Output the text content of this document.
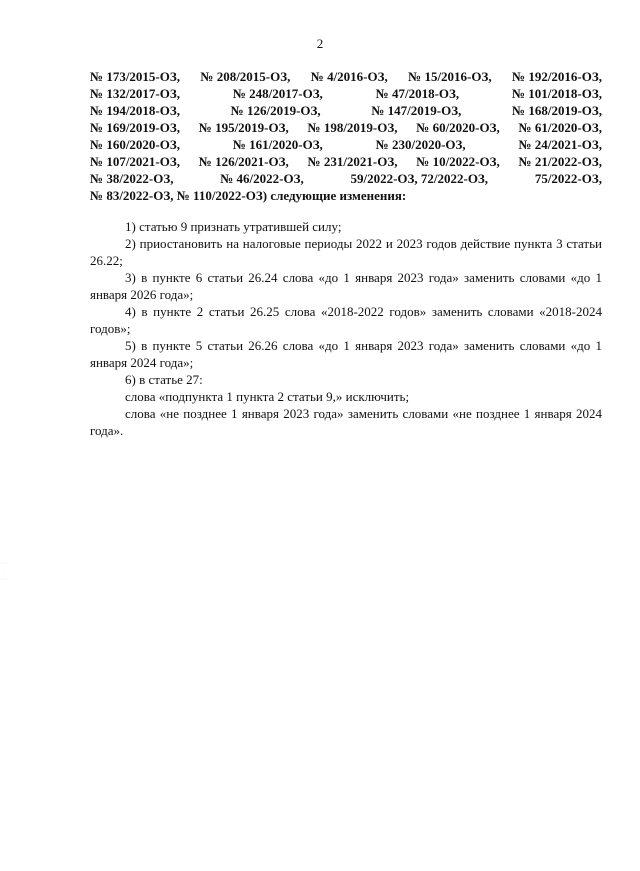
2
№ 173/2015-ОЗ, № 208/2015-ОЗ, № 4/2016-ОЗ, № 15/2016-ОЗ, № 192/2016-ОЗ,
№ 132/2017-ОЗ,	№ 248/2017-ОЗ,	№ 47/2018-ОЗ,	№ 101/2018-ОЗ,
№ 194/2018-ОЗ,	№ 126/2019-ОЗ,	№ 147/2019-ОЗ,	№ 168/2019-ОЗ,
№ 169/2019-ОЗ, № 195/2019-ОЗ, № 198/2019-ОЗ, № 60/2020-ОЗ, № 61/2020-ОЗ,
№ 160/2020-ОЗ,	№ 161/2020-ОЗ,	№ 230/2020-ОЗ,	№ 24/2021-ОЗ,
№ 107/2021-ОЗ, № 126/2021-ОЗ, № 231/2021-ОЗ, № 10/2022-ОЗ, № 21/2022-ОЗ,
№ 38/2022-ОЗ,	№ 46/2022-ОЗ,	59/2022-ОЗ, 72/2022-ОЗ,	75/2022-ОЗ,
№ 83/2022-ОЗ, № 110/2022-ОЗ) следующие изменения:

1) статью 9 признать утратившей силу;

2) приостановить на налоговые периоды 2022 и 2023 годов действие пункта 3 статьи 26.22;

3) в пункте 6 статьи 26.24 слова «до 1 января 2023 года» заменить словами «до 1 января 2026 года»;

4) в пункте 2 статьи 26.25 слова «2018-2022 годов» заменить словами «2018-2024 годов»;

5) в пункте 5 статьи 26.26 слова «до 1 января 2023 года» заменить словами «до 1 января 2024 года»;

6) в статье 27:

слова «подпункта 1 пункта 2 статьи 9,» исключить;

слова «не позднее 1 января 2023 года» заменить словами «не позднее 1 января 2024 года».

· ·
·
· ·
